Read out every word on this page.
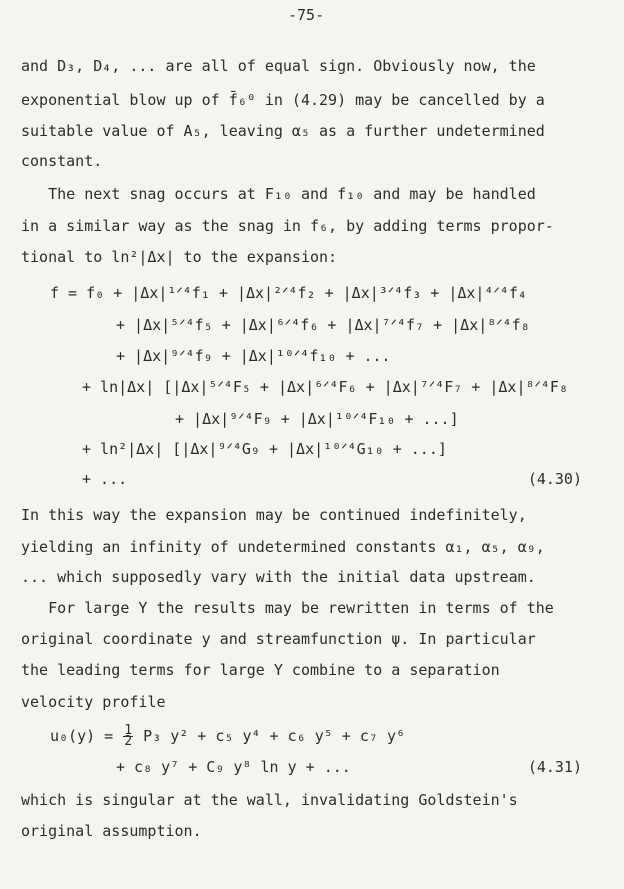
-75-
and D₃, D₄, ... are all of equal sign. Obviously now, the
exponential blow up of f̄₆⁰ in (4.29) may be cancelled by a
suitable value of A₅, leaving α₅ as a further undetermined
constant.
The next snag occurs at F₁₀ and f₁₀ and may be handled
in a similar way as the snag in f₆, by adding terms propor-
tional to ln²|Δx| to the expansion:
f = f₀ + |Δx|¹ᐟ⁴f₁ + |Δx|²ᐟ⁴f₂ + |Δx|³ᐟ⁴f₃ + |Δx|⁴ᐟ⁴f₄
+ |Δx|⁵ᐟ⁴f₅ + |Δx|⁶ᐟ⁴f₆ + |Δx|⁷ᐟ⁴f₇ + |Δx|⁸ᐟ⁴f₈
+ |Δx|⁹ᐟ⁴f₉ + |Δx|¹⁰ᐟ⁴f₁₀ + ...
+ ln|Δx| [|Δx|⁵ᐟ⁴F₅ + |Δx|⁶ᐟ⁴F₆ + |Δx|⁷ᐟ⁴F₇ + |Δx|⁸ᐟ⁴F₈
+ |Δx|⁹ᐟ⁴F₉ + |Δx|¹⁰ᐟ⁴F₁₀ + ...]
+ ln²|Δx| [|Δx|⁹ᐟ⁴G₉ + |Δx|¹⁰ᐟ⁴G₁₀ + ...]
+ ...	(4.30)
In this way the expansion may be continued indefinitely,
yielding an infinity of undetermined constants α₁, α₅, α₉,
... which supposedly vary with the initial data upstream.
For large Y the results may be rewritten in terms of the
original coordinate y and streamfunction ψ. In particular
the leading terms for large Y combine to a separation
velocity profile
$u_0(y) = \frac{1}{2} P_3$ y² + c₅ y⁴ + c₆ y⁵ + c₇ y⁶
+ c₈ y⁷ + C₉ y⁸ ln y + ...	(4.31)
which is singular at the wall, invalidating Goldstein's
original assumption.
